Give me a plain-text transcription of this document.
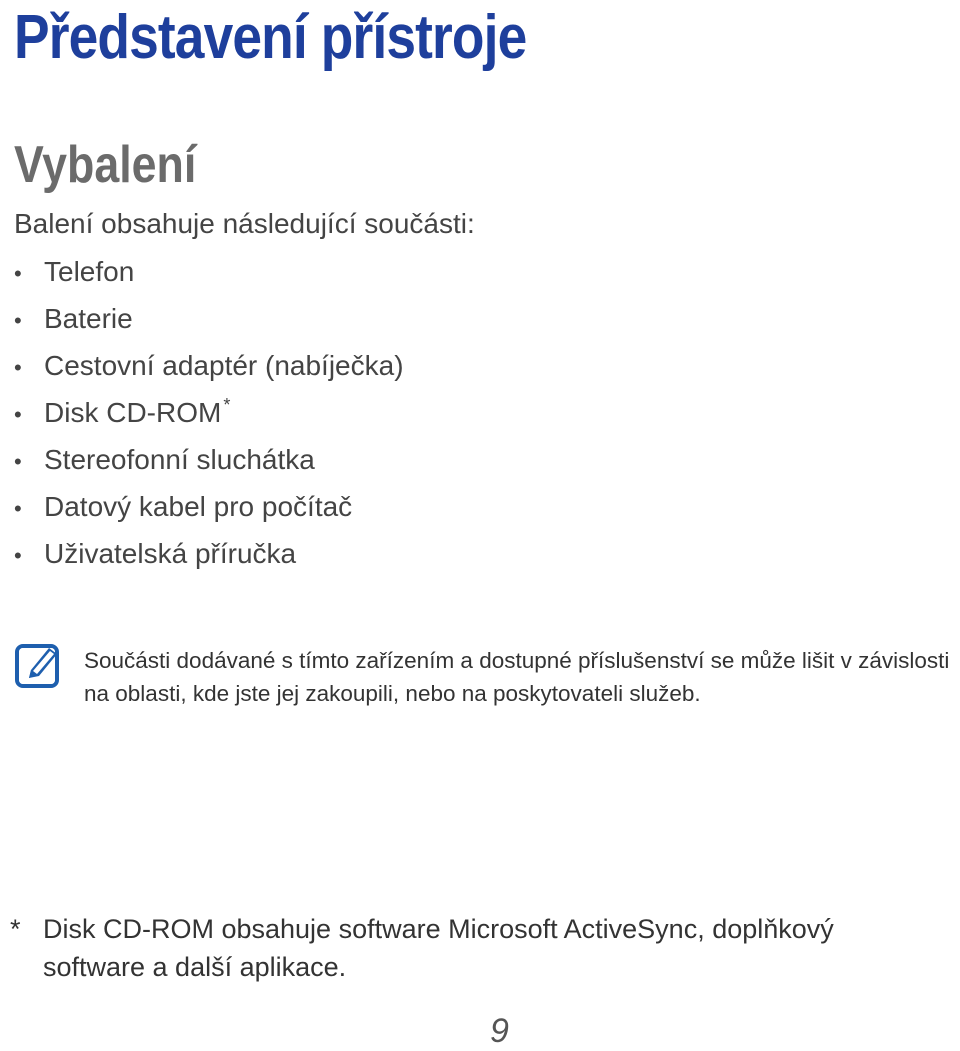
Představení přístroje
Vybalení
Balení obsahuje následující součásti:
• Telefon
• Baterie
• Cestovní adaptér (nabíječka)
• Disk CD-ROM *
• Stereofonní sluchátka
• Datový kabel pro počítač
• Uživatelská příručka
Součásti dodávané s tímto zařízením a dostupné příslušenství se může lišit v závislosti na oblasti, kde jste jej zakoupili, nebo na poskytovateli služeb.
* Disk CD-ROM obsahuje software Microsoft ActiveSync, doplňkový software a další aplikace.
9
